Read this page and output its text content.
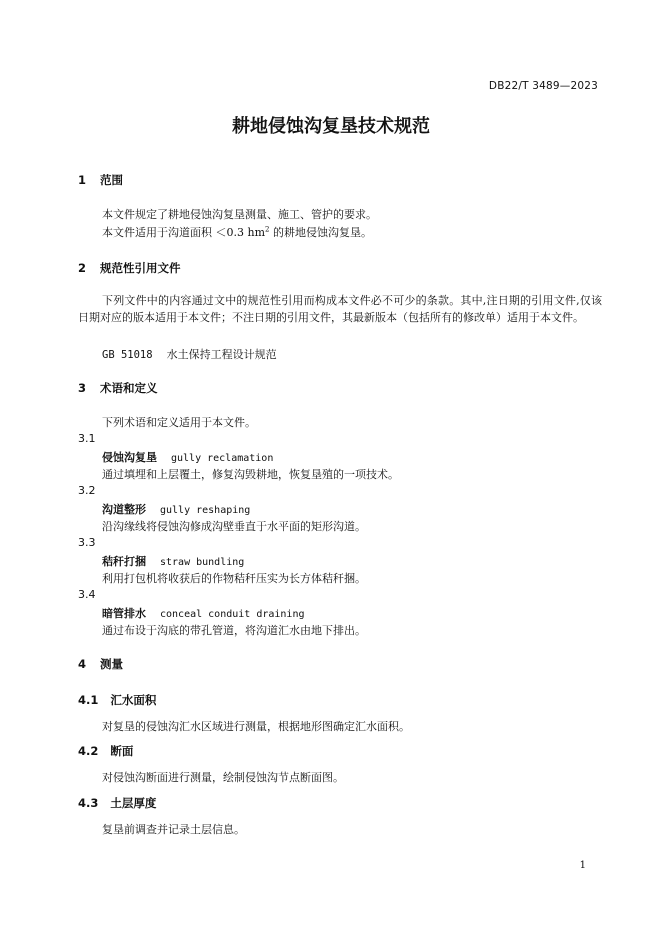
DB22/T 3489—2023
耕地侵蚀沟复垦技术规范
1 范围
本文件规定了耕地侵蚀沟复垦测量、施工、管护的要求。
本文件适用于沟道面积 ＜0.3 $hm^2$ 的耕地侵蚀沟复垦。
2 规范性引用文件
下列文件中的内容通过文中的规范性引用而构成本文件必不可少的条款。其中,注日期的引用文件,仅该日期对应的版本适用于本文件；不注日期的引用文件，其最新版本（包括所有的修改单）适用于本文件。
GB 51018 水土保持工程设计规范
3 术语和定义
下列术语和定义适用于本文件。
3.1
侵蚀沟复垦 gully reclamation
通过填埋和上层覆土，修复沟毁耕地，恢复垦殖的一项技术。
3.2
沟道整形 gully reshaping
沿沟缘线将侵蚀沟修成沟壁垂直于水平面的矩形沟道。
3.3
秸秆打捆 straw bundling
利用打包机将收获后的作物秸秆压实为长方体秸秆捆。
3.4
暗管排水 conceal conduit draining
通过布设于沟底的带孔管道，将沟道汇水由地下排出。
4 测量
4.1 汇水面积
对复垦的侵蚀沟汇水区域进行测量，根据地形图确定汇水面积。
4.2 断面
对侵蚀沟断面进行测量，绘制侵蚀沟节点断面图。
4.3 土层厚度
复垦前调查并记录土层信息。
1
